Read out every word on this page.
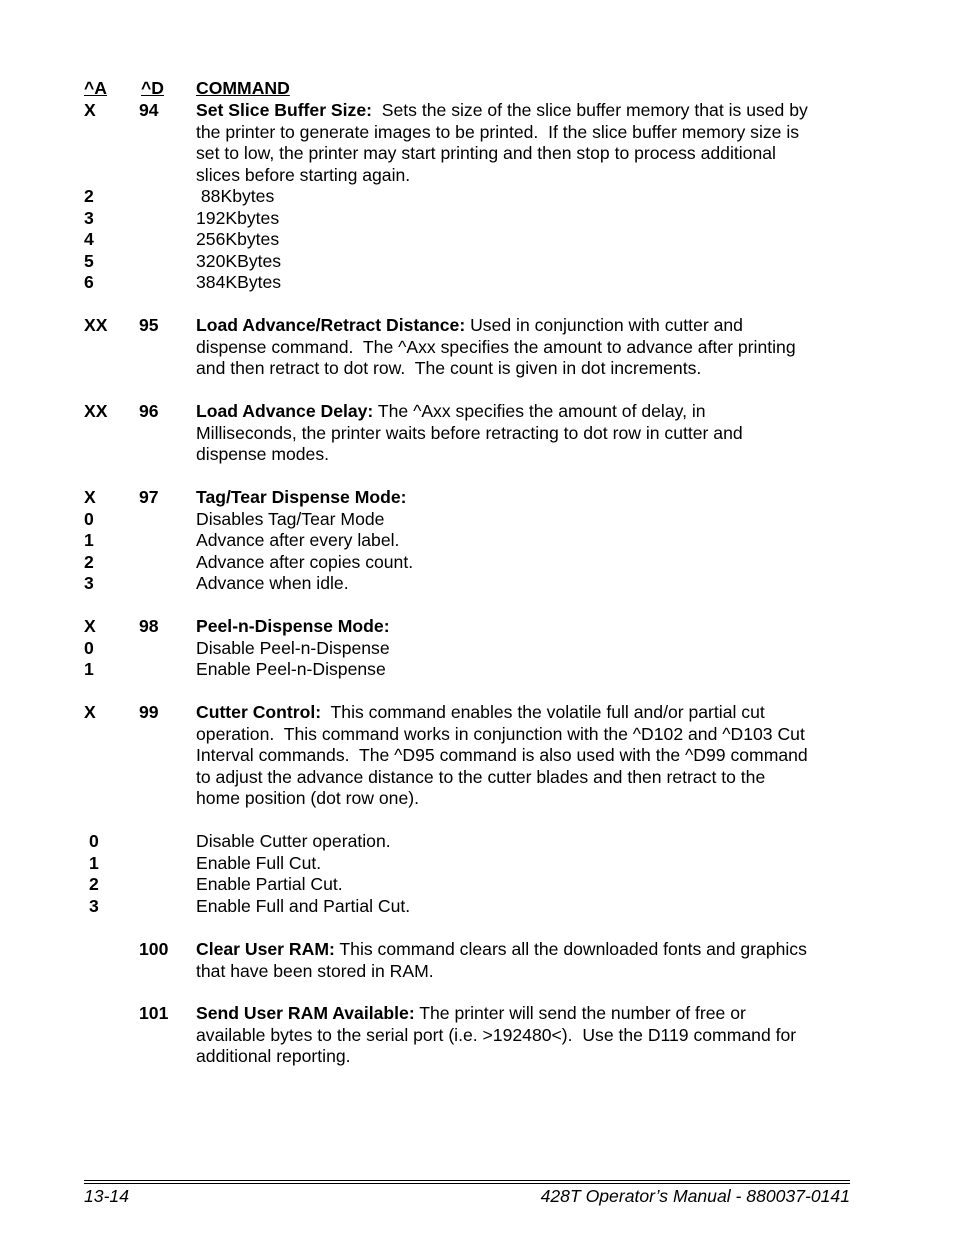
^A ^D COMMAND
X 94 Set Slice Buffer Size:  Sets the size of the slice buffer memory that is used by
the printer to generate images to be printed.  If the slice buffer memory size is
set to low, the printer may start printing and then stop to process additional
slices before starting again.
2	88Kbytes
3	192Kbytes
4	256Kbytes
5	320KBytes
6	384KBytes
XX 95 Load Advance/Retract Distance: Used in conjunction with cutter and
dispense command.  The ^Axx specifies the amount to advance after printing
and then retract to dot row.  The count is given in dot increments.
XX 96 Load Advance Delay: The ^Axx specifies the amount of delay, in
Milliseconds, the printer waits before retracting to dot row in cutter and
dispense modes.
X 97 Tag/Tear Dispense Mode:
0	Disables Tag/Tear Mode
1	Advance after every label.
2	Advance after copies count.
3	Advance when idle.
X 98 Peel-n-Dispense Mode:
0	Disable Peel-n-Dispense
1	Enable Peel-n-Dispense
X 99 Cutter Control:  This command enables the volatile full and/or partial cut
operation.  This command works in conjunction with the ^D102 and ^D103 Cut
Interval commands.  The ^D95 command is also used with the ^D99 command
to adjust the advance distance to the cutter blades and then retract to the
home position (dot row one).
0	Disable Cutter operation.
1	Enable Full Cut.
2	Enable Partial Cut.
3	Enable Full and Partial Cut.
100 Clear User RAM: This command clears all the downloaded fonts and graphics
that have been stored in RAM.
101 Send User RAM Available: The printer will send the number of free or
available bytes to the serial port (i.e. >192480<).  Use the D119 command for
additional reporting.
13-14	428T Operator’s Manual - 880037-0141
